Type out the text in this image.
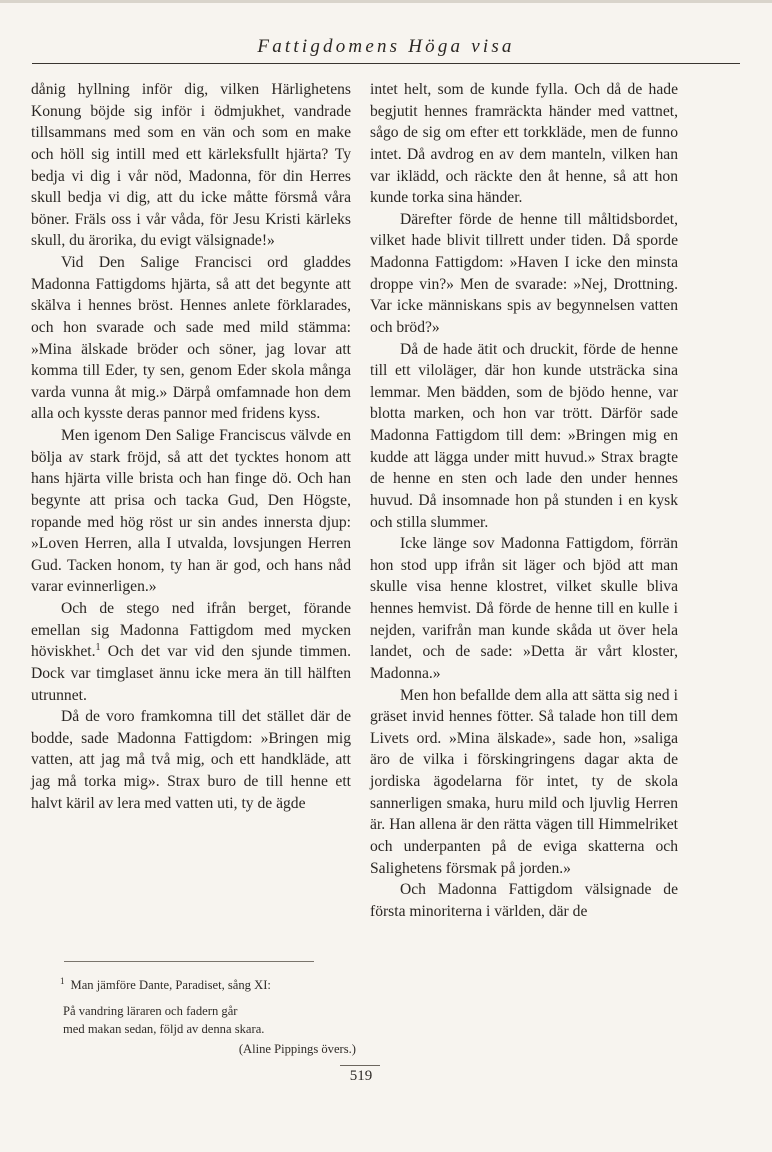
Fattigdomens Höga visa

dånig hyllning inför dig, vilken Härlighetens Konung böjde sig inför i ödmjukhet, vandrade tillsammans med som en vän och som en make och höll sig intill med ett kärleksfullt hjärta? Ty bedja vi dig i vår nöd, Madonna, för din Herres skull bedja vi dig, att du icke måtte försmå våra böner. Fräls oss i vår våda, för Jesu Kristi kärleks skull, du ärorika, du evigt välsignade!»

Vid Den Salige Francisci ord gladdes Madonna Fattigdoms hjärta, så att det begynte att skälva i hennes bröst. Hennes anlete förklarades, och hon svarade och sade med mild stämma: »Mina älskade bröder och söner, jag lovar att komma till Eder, ty sen, genom Eder skola många varda vunna åt mig.» Därpå omfamnade hon dem alla och kysste deras pannor med fridens kyss.

Men igenom Den Salige Franciscus välvde en bölja av stark fröjd, så att det tycktes honom att hans hjärta ville brista och han finge dö. Och han begynte att prisa och tacka Gud, Den Högste, ropande med hög röst ur sin andes innersta djup: »Loven Herren, alla I utvalda, lovsjungen Herren Gud. Tacken honom, ty han är god, och hans nåd varar evinnerligen.»

Och de stego ned ifrån berget, förande emellan sig Madonna Fattigdom med mycken höviskhet.$^1$ Och det var vid den sjunde timmen. Dock var timglaset ännu icke mera än till hälften utrunnet.

Då de voro framkomna till det stället där de bodde, sade Madonna Fattigdom: »Bringen mig vatten, att jag må två mig, och ett handkläde, att jag må torka mig». Strax buro de till henne ett halvt käril av lera med vatten uti, ty de ägde

intet helt, som de kunde fylla. Och då de hade begjutit hennes framräckta händer med vattnet, sågo de sig om efter ett torkkläde, men de funno intet. Då avdrog en av dem manteln, vilken han var iklädd, och räckte den åt henne, så att hon kunde torka sina händer.

Därefter förde de henne till måltidsbordet, vilket hade blivit tillrett under tiden. Då sporde Madonna Fattigdom: »Haven I icke den minsta droppe vin?» Men de svarade: »Nej, Drottning. Var icke människans spis av begynnelsen vatten och bröd?»

Då de hade ätit och druckit, förde de henne till ett viloläger, där hon kunde utsträcka sina lemmar. Men bädden, som de bjödo henne, var blotta marken, och hon var trött. Därför sade Madonna Fattigdom till dem: »Bringen mig en kudde att lägga under mitt huvud.» Strax bragte de henne en sten och lade den under hennes huvud. Då insomnade hon på stunden i en kysk och stilla slummer.

Icke länge sov Madonna Fattigdom, förrän hon stod upp ifrån sit läger och bjöd att man skulle visa henne klostret, vilket skulle bliva hennes hemvist. Då förde de henne till en kulle i nejden, varifrån man kunde skåda ut över hela landet, och de sade: »Detta är vårt kloster, Madonna.»

Men hon befallde dem alla att sätta sig ned i gräset invid hennes fötter. Så talade hon till dem Livets ord. »Mina älskade», sade hon, »saliga äro de vilka i förskingringens dagar akta de jordiska ägodelarna för intet, ty de skola sannerligen smaka, huru mild och ljuvlig Herren är. Han allena är den rätta vägen till Himmelriket och underpanten på de eviga skatterna och Salighetens försmak på jorden.»

Och Madonna Fattigdom välsignade de första minoriterna i världen, där de

$^1$ Man jämföre Dante, Paradiset, sång XI:
På vandring läraren och fadern går
med makan sedan, följd av denna skara.
(Aline Pippings övers.)
519
